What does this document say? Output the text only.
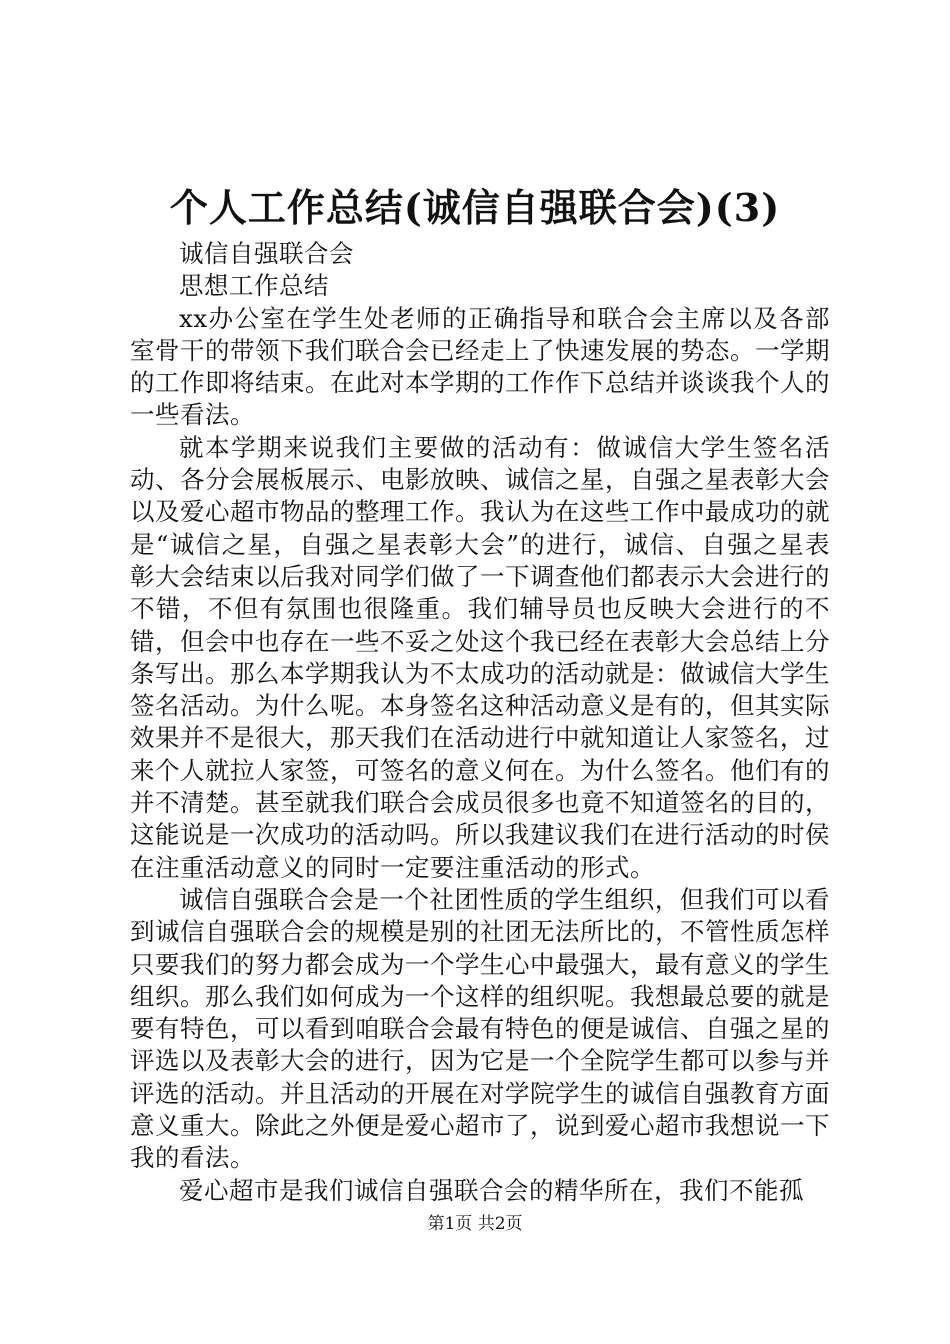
个人工作总结(诚信自强联合会)(3)

诚信自强联合会

思想工作总结

xx办公室在学生处老师的正确指导和联合会主席以及各部室骨干的带领下我们联合会已经走上了快速发展的势态。一学期的工作即将结束。在此对本学期的工作作下总结并谈谈我个人的一些看法。

就本学期来说我们主要做的活动有：做诚信大学生签名活动、各分会展板展示、电影放映、诚信之星，自强之星表彰大会以及爱心超市物品的整理工作。我认为在这些工作中最成功的就是“诚信之星，自强之星表彰大会”的进行，诚信、自强之星表彰大会结束以后我对同学们做了一下调查他们都表示大会进行的不错，不但有氛围也很隆重。我们辅导员也反映大会进行的不错，但会中也存在一些不妥之处这个我已经在表彰大会总结上分条写出。那么本学期我认为不太成功的活动就是：做诚信大学生签名活动。为什么呢。本身签名这种活动意义是有的，但其实际效果并不是很大，那天我们在活动进行中就知道让人家签名，过来个人就拉人家签，可签名的意义何在。为什么签名。他们有的并不清楚。甚至就我们联合会成员很多也竟不知道签名的目的，这能说是一次成功的活动吗。所以我建议我们在进行活动的时侯在注重活动意义的同时一定要注重活动的形式。

诚信自强联合会是一个社团性质的学生组织，但我们可以看到诚信自强联合会的规模是别的社团无法所比的，不管性质怎样只要我们的努力都会成为一个学生心中最强大，最有意义的学生组织。那么我们如何成为一个这样的组织呢。我想最总要的就是要有特色，可以看到咱联合会最有特色的便是诚信、自强之星的评选以及表彰大会的进行，因为它是一个全院学生都可以参与并评选的活动。并且活动的开展在对学院学生的诚信自强教育方面意义重大。除此之外便是爱心超市了，说到爱心超市我想说一下我的看法。

爱心超市是我们诚信自强联合会的精华所在，我们不能孤

第1页 共2页
